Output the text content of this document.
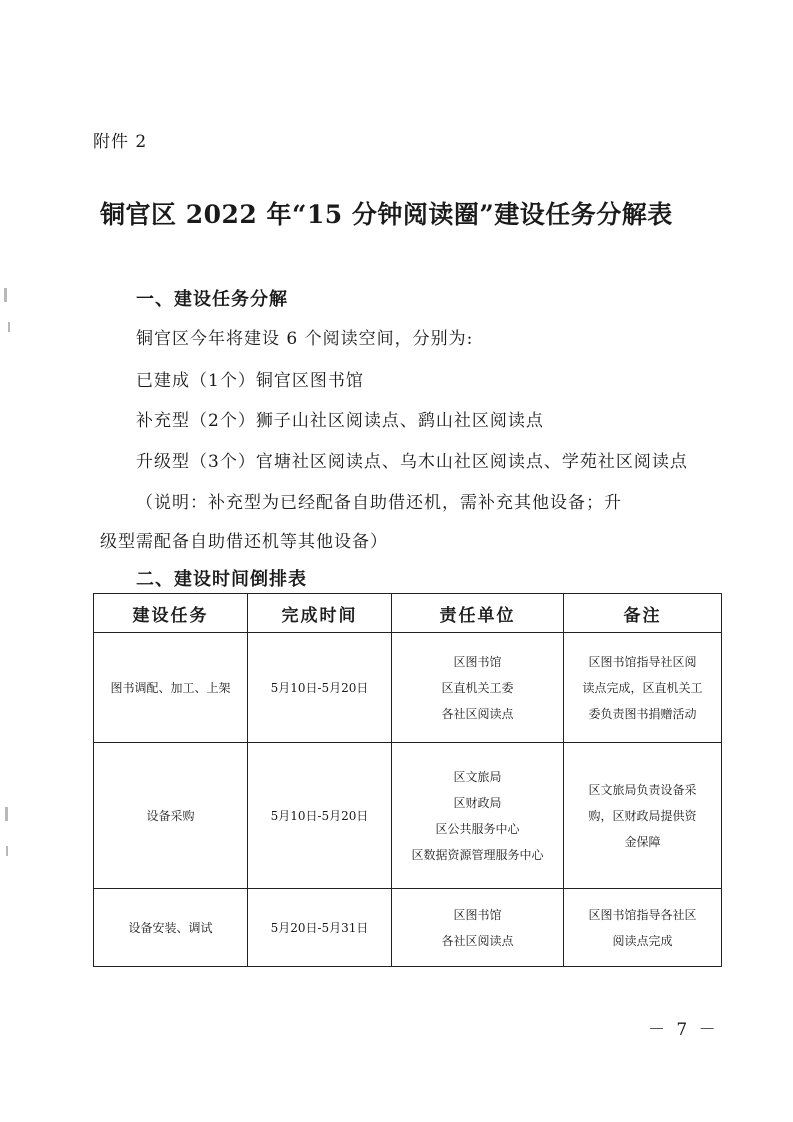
附件 2
铜官区 2022 年“15 分钟阅读圈”建设任务分解表
一、建设任务分解
铜官区今年将建设 6 个阅读空间，分别为:
已建成（1个）铜官区图书馆
补充型（2个）狮子山社区阅读点、鹞山社区阅读点
升级型（3个）官塘社区阅读点、乌木山社区阅读点、学苑社区阅读点
（说明：补充型为已经配备自助借还机，需补充其他设备；升
级型需配备自助借还机等其他设备）
二、建设时间倒排表
建设任务	完成时间	责任单位	备注
图书调配、加工、上架	5月10日-5月20日	区图书馆
区直机关工委
各社区阅读点	区图书馆指导社区阅
读点完成，区直机关工
委负责图书捐赠活动

设备采购	5月10日-5月20日	区文旅局
区财政局
区公共服务中心
区数据资源管理服务中心	区文旅局负责设备采
购，区财政局提供资
金保障

设备安装、调试	5月20日-5月31日	区图书馆
各社区阅读点	区图书馆指导各社区
阅读点完成
－ 7 －
